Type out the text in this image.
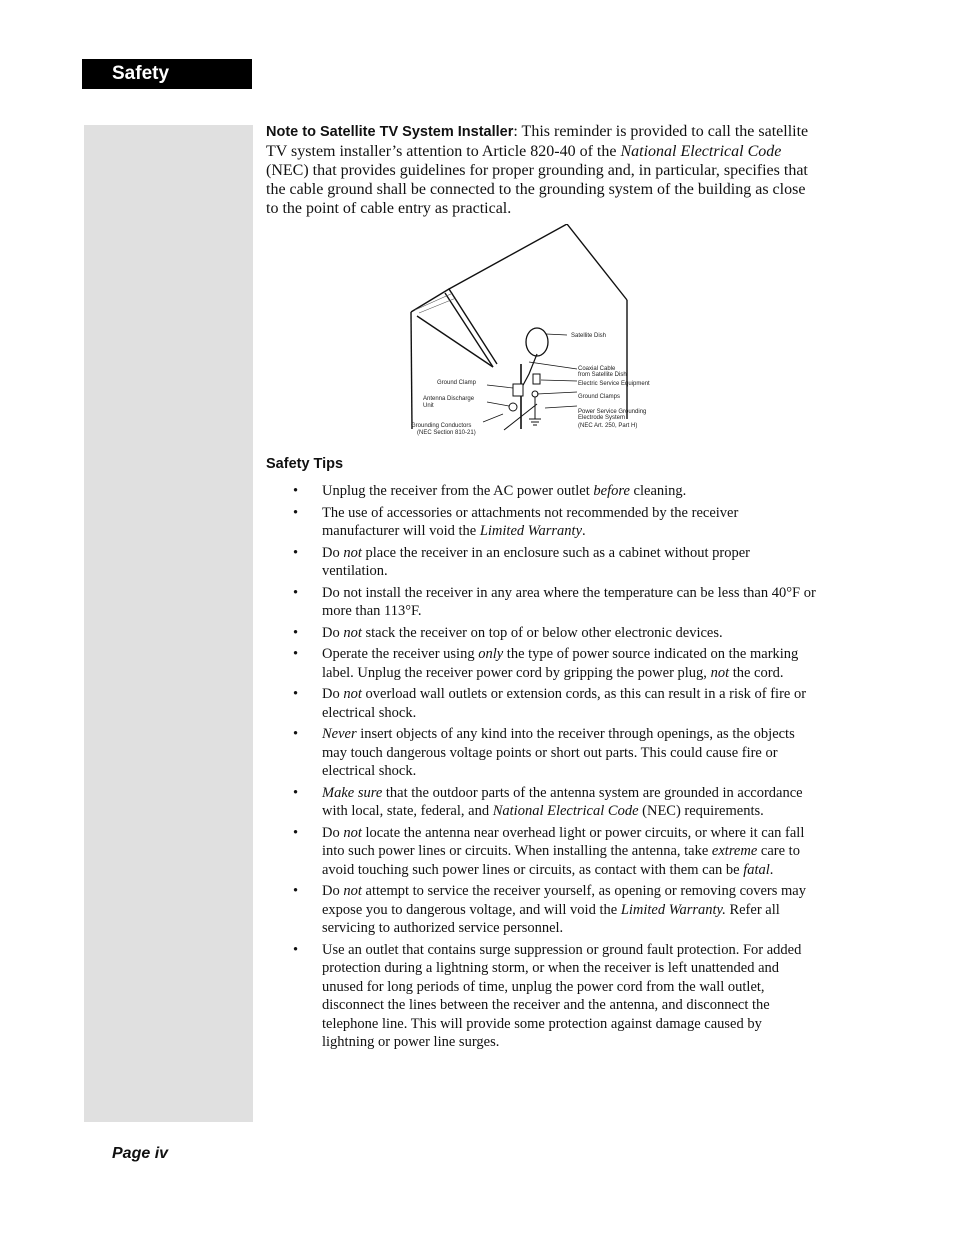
Safety

Note to Satellite TV System Installer: This reminder is provided to call the satellite TV system installer’s attention to Article 820-40 of the National Electrical Code (NEC) that provides guidelines for proper grounding and, in particular, specifies that the cable ground shall be connected to the grounding system of the building as close to the point of cable entry as practical.

Satellite Dish
Coaxial Cable
from Satellite Dish
Electric Service Equipment
Ground Clamps
Power Service Grounding
Electrode System
(NEC Art. 250, Part H)
Ground Clamp
Antenna Discharge
Unit
Grounding Conductors
(NEC Section 810-21)
Safety Tips
• Unplug the receiver from the AC power outlet before cleaning.
• The use of accessories or attachments not recommended by the receiver manufacturer will void the Limited Warranty.
• Do not place the receiver in an enclosure such as a cabinet without proper ventilation.
• Do not install the receiver in any area where the temperature can be less than 40°F or more than 113°F.
• Do not stack the receiver on top of or below other electronic devices.
• Operate the receiver using only the type of power source indicated on the marking label. Unplug the receiver power cord by gripping the power plug, not the cord.
• Do not overload wall outlets or extension cords, as this can result in a risk of fire or electrical shock.
• Never insert objects of any kind into the receiver through openings, as the objects may touch dangerous voltage points or short out parts. This could cause fire or electrical shock.
• Make sure that the outdoor parts of the antenna system are grounded in accordance with local, state, federal, and National Electrical Code (NEC) requirements.
• Do not locate the antenna near overhead light or power circuits, or where it can fall into such power lines or circuits. When installing the antenna, take extreme care to avoid touching such power lines or circuits, as contact with them can be fatal.
• Do not attempt to service the receiver yourself, as opening or removing covers may expose you to dangerous voltage, and will void the Limited Warranty. Refer all servicing to authorized service personnel.
• Use an outlet that contains surge suppression or ground fault protection. For added protection during a lightning storm, or when the receiver is left unattended and unused for long periods of time, unplug the power cord from the wall outlet, disconnect the lines between the receiver and the antenna, and disconnect the telephone line. This will provide some protection against damage caused by lightning or power line surges.
Page iv
